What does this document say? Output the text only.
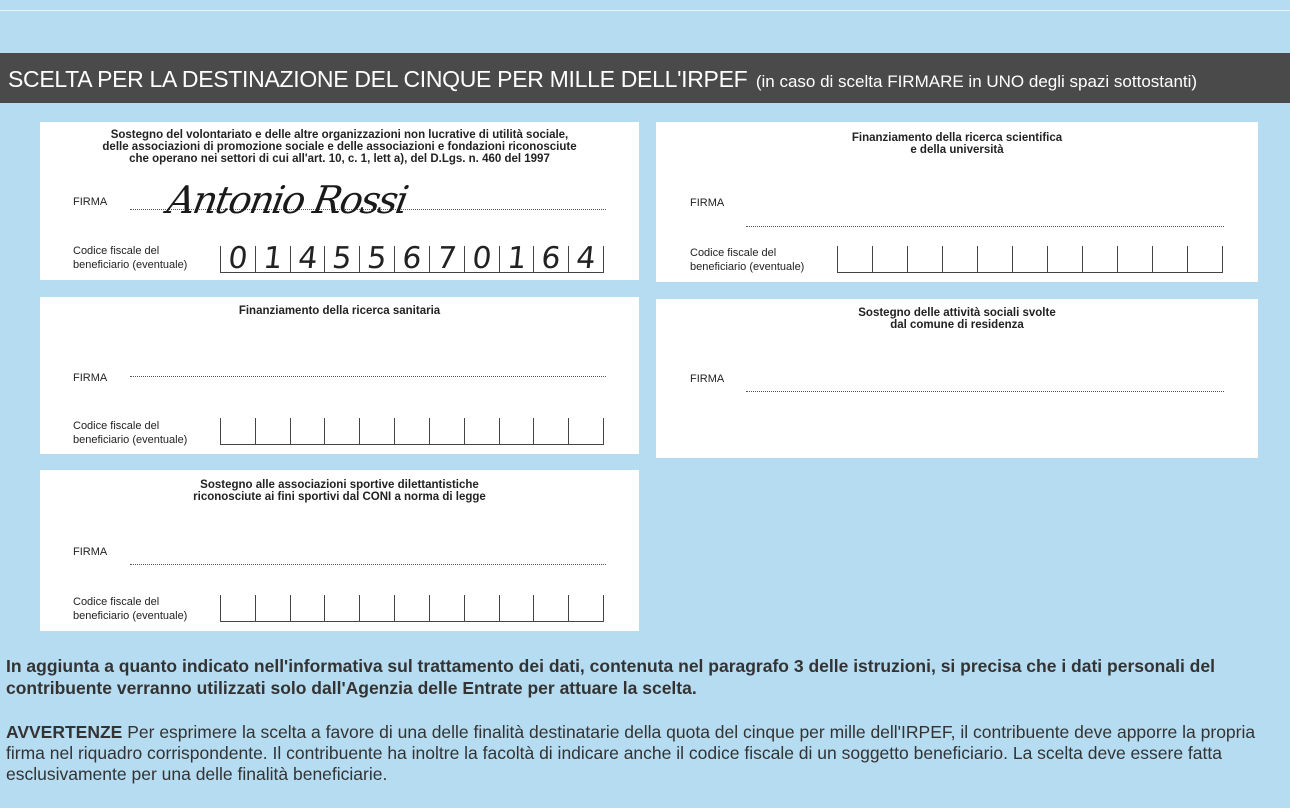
SCELTA PER LA DESTINAZIONE DEL CINQUE PER MILLE DELL'IRPEF (in caso di scelta FIRMARE in UNO degli spazi sottostanti)
Sostegno del volontariato e delle altre organizzazioni non lucrative di utilità sociale,
delle associazioni di promozione sociale e delle associazioni e fondazioni riconosciute
che operano nei settori di cui all'art. 10, c. 1, lett a), del D.Lgs. n. 460 del 1997
FIRMA Antonio Rossi
Codice fiscale del
beneficiario (eventuale) 0 1 4 5 5 6 7 0 1 6 4
Finanziamento della ricerca scientifica
e della università
FIRMA
Codice fiscale del
beneficiario (eventuale)
Finanziamento della ricerca sanitaria
FIRMA
Codice fiscale del
beneficiario (eventuale)
Sostegno delle attività sociali svolte
dal comune di residenza
FIRMA
Sostegno alle associazioni sportive dilettantistiche
riconosciute ai fini sportivi dal CONI a norma di legge
FIRMA
Codice fiscale del
beneficiario (eventuale)
In aggiunta a quanto indicato nell'informativa sul trattamento dei dati, contenuta nel paragrafo 3 delle istruzioni, si precisa che i dati personali del contribuente verranno utilizzati solo dall'Agenzia delle Entrate per attuare la scelta.
AVVERTENZE Per esprimere la scelta a favore di una delle finalità destinatarie della quota del cinque per mille dell'IRPEF, il contribuente deve apporre la propria firma nel riquadro corrispondente. Il contribuente ha inoltre la facoltà di indicare anche il codice fiscale di un soggetto beneficiario. La scelta deve essere fatta esclusivamente per una delle finalità beneficiarie.
